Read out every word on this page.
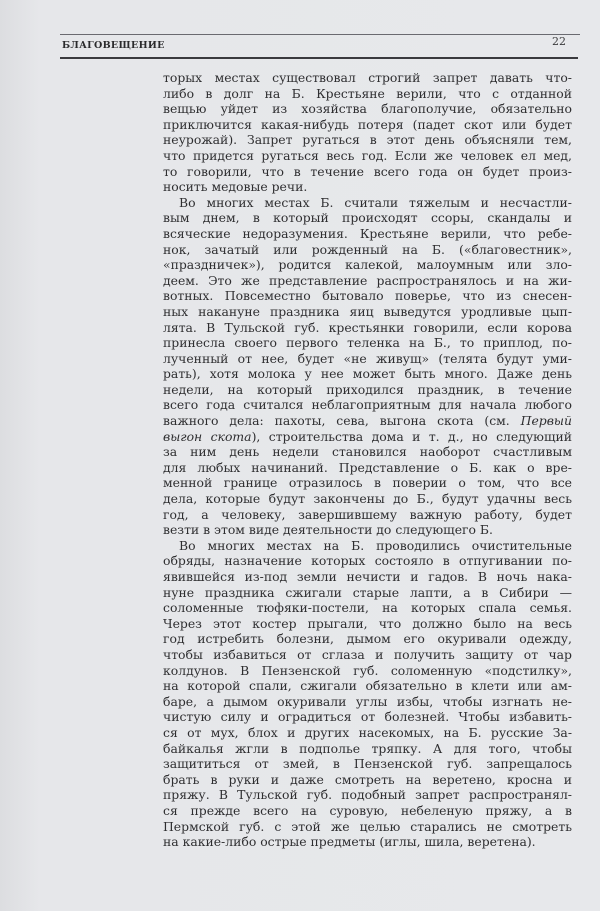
БЛАГОВЕЩЕНИЕ	22
торых местах существовал строгий запрет давать что-
либо в долг на Б. Крестьяне верили, что с отданной
вещью уйдет из хозяйства благополучие, обязательно
приключится какая-нибудь потеря (падет скот или будет
неурожай). Запрет ругаться в этот день объясняли тем,
что придется ругаться весь год. Если же человек ел мед,
то говорили, что в течение всего года он будет произ-
носить медовые речи.
Во многих местах Б. считали тяжелым и несчастли-
вым днем, в который происходят ссоры, скандалы и
всяческие недоразумения. Крестьяне верили, что ребе-
нок, зачатый или рожденный на Б. («благовестник»,
«праздничек»), родится калекой, малоумным или зло-
деем. Это же представление распространялось и на жи-
вотных. Повсеместно бытовало поверье, что из снесен-
ных накануне праздника яиц выведутся уродливые цып-
лята. В Тульской губ. крестьянки говорили, если корова
принесла своего первого теленка на Б., то приплод, по-
лученный от нее, будет «не живущ» (телята будут уми-
рать), хотя молока у нее может быть много. Даже день
недели, на который приходился праздник, в течение
всего года считался неблагоприятным для начала любого
важного дела: пахоты, сева, выгона скота (см. Первый
выгон скота), строительства дома и т. д., но следующий
за ним день недели становился наоборот счастливым
для любых начинаний. Представление о Б. как о вре-
менной границе отразилось в поверии о том, что все
дела, которые будут закончены до Б., будут удачны весь
год, а человеку, завершившему важную работу, будет
везти в этом виде деятельности до следующего Б.
Во многих местах на Б. проводились очистительные
обряды, назначение которых состояло в отпугивании по-
явившейся из-под земли нечисти и гадов. В ночь нака-
нуне праздника сжигали старые лапти, а в Сибири —
соломенные тюфяки-постели, на которых спала семья.
Через этот костер прыгали, что должно было на весь
год истребить болезни, дымом его окуривали одежду,
чтобы избавиться от сглаза и получить защиту от чар
колдунов. В Пензенской губ. соломенную «подстилку»,
на которой спали, сжигали обязательно в клети или ам-
баре, а дымом окуривали углы избы, чтобы изгнать не-
чистую силу и оградиться от болезней. Чтобы избавить-
ся от мух, блох и других насекомых, на Б. русские За-
байкалья жгли в подполье тряпку. А для того, чтобы
защититься от змей, в Пензенской губ. запрещалось
брать в руки и даже смотреть на веретено, кросна и
пряжу. В Тульской губ. подобный запрет распространял-
ся прежде всего на суровую, небеленую пряжу, а в
Пермской губ. с этой же целью старались не смотреть
на какие-либо острые предметы (иглы, шила, веретена).
